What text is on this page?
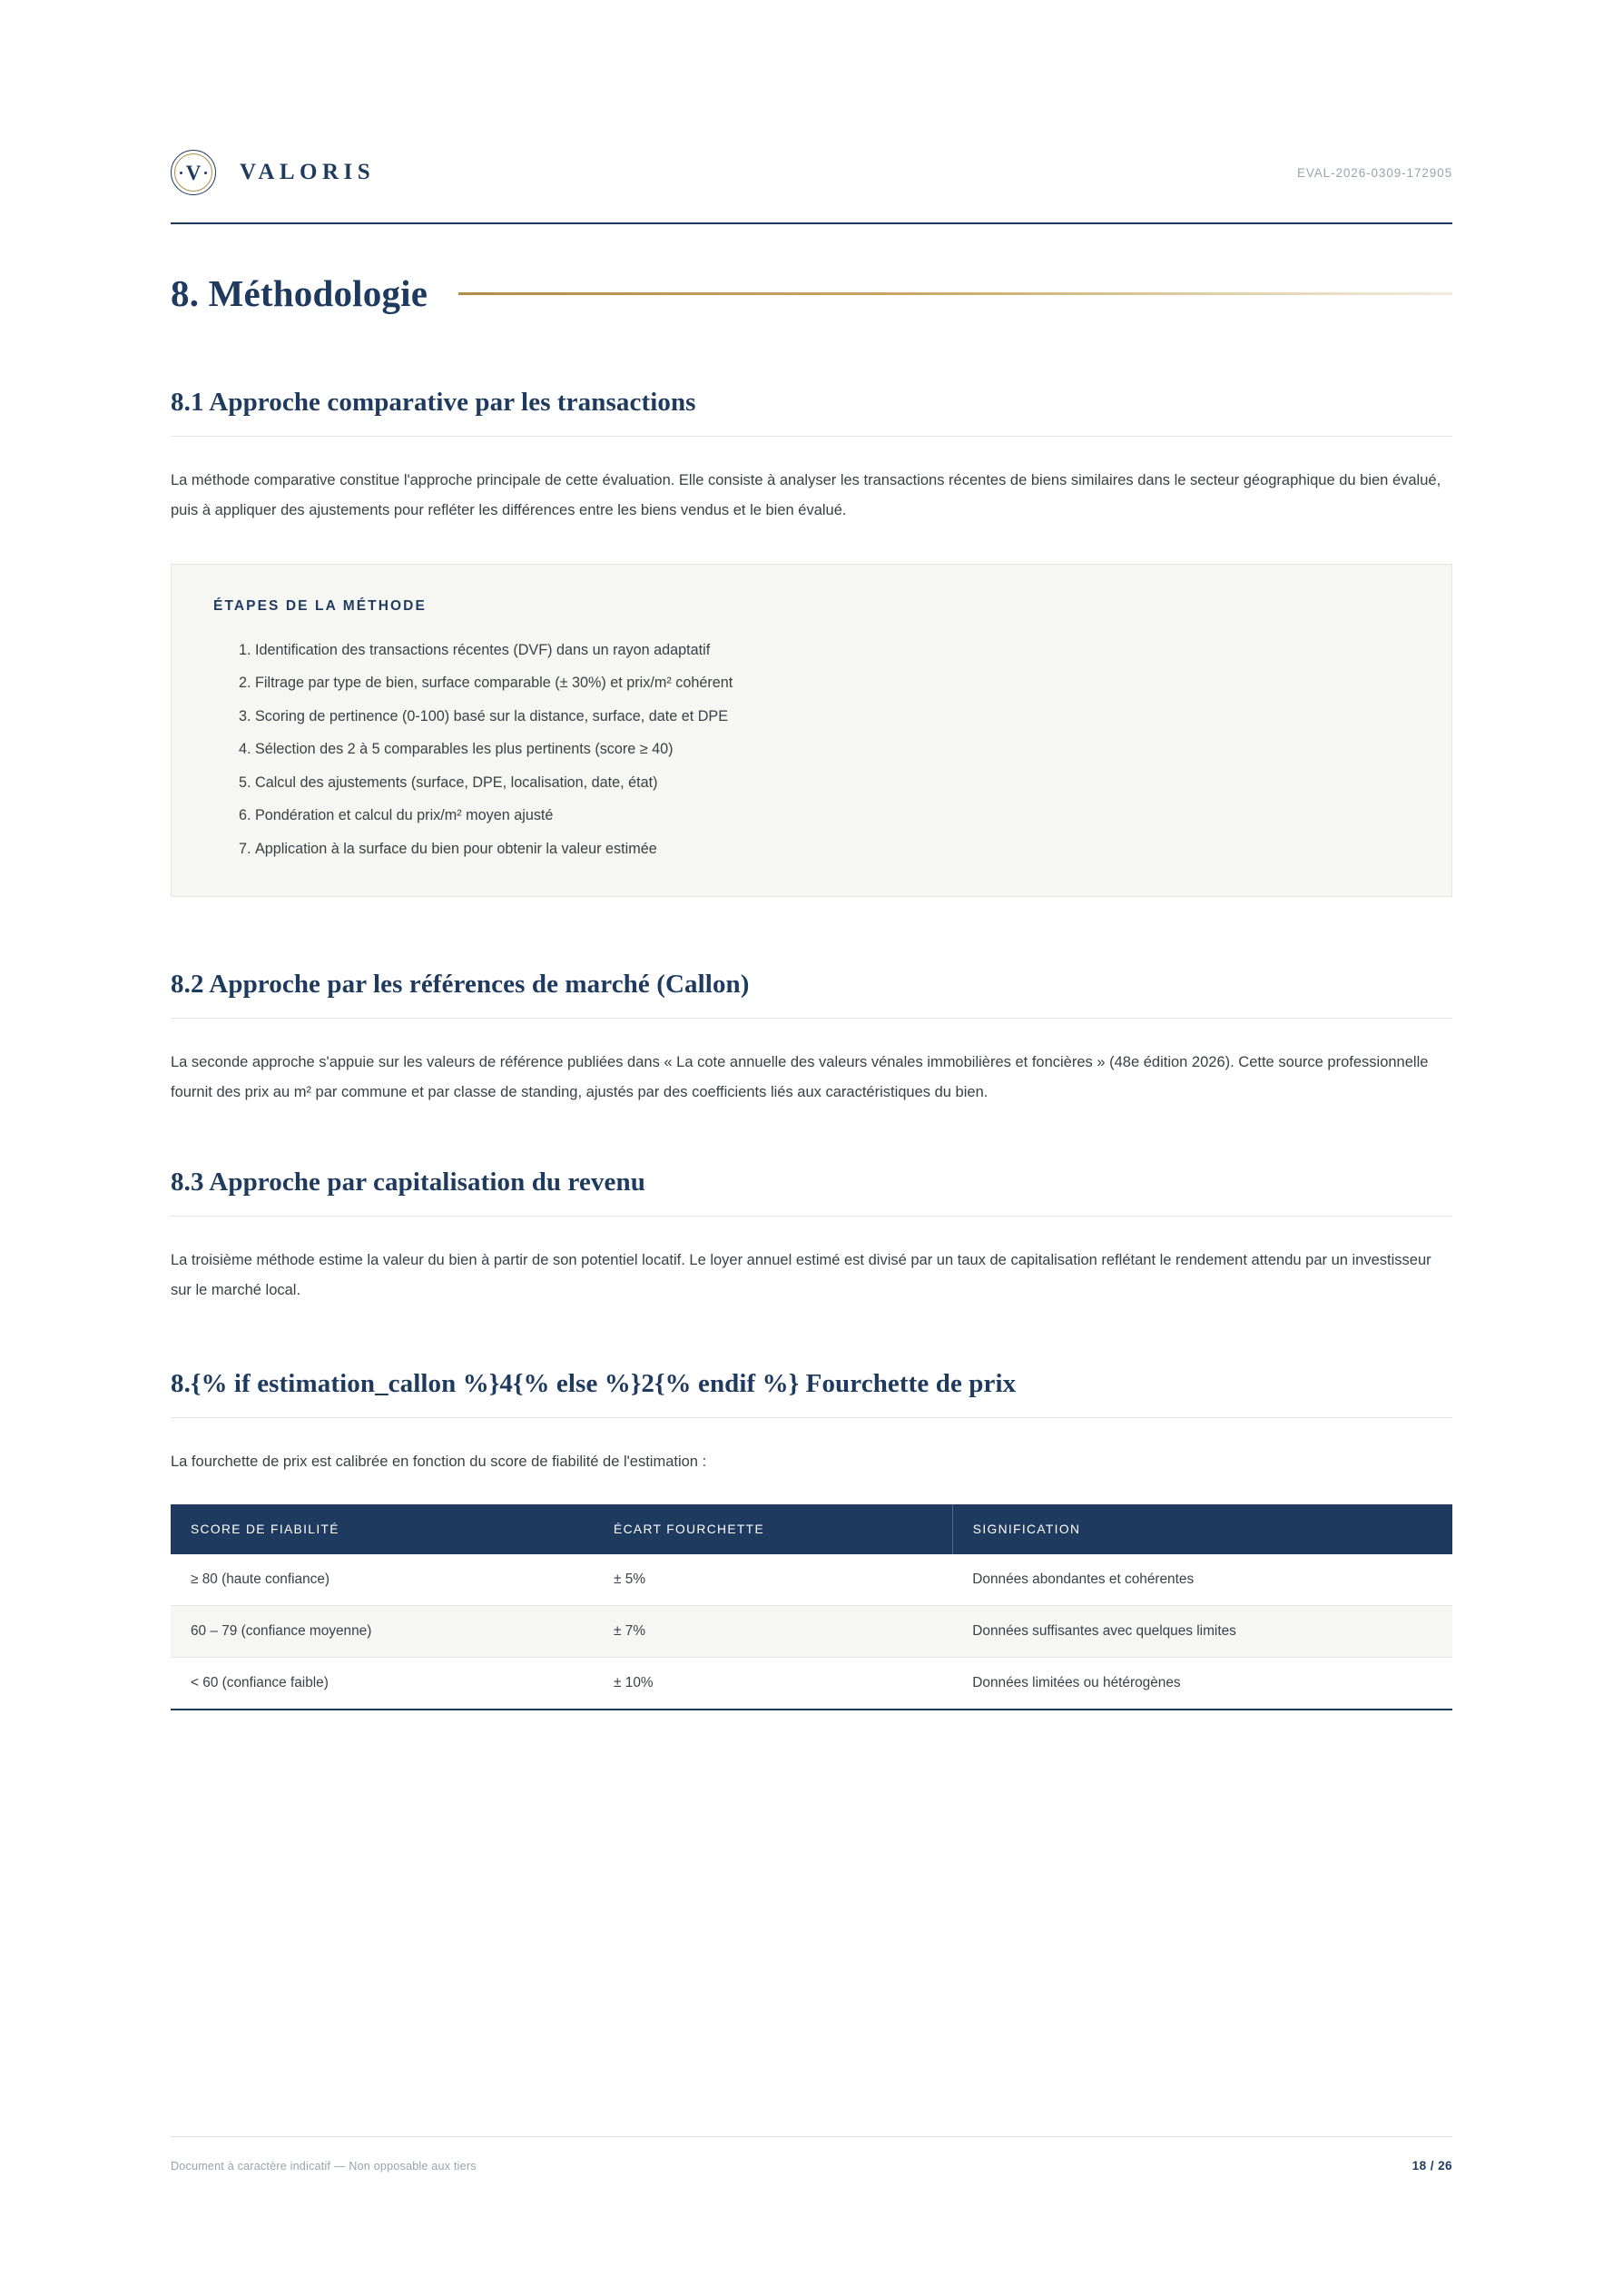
V	VALORIS	EVAL-2026-0309-172905
8. Méthodologie
8.1 Approche comparative par les transactions

La méthode comparative constitue l'approche principale de cette évaluation. Elle consiste à analyser les transactions récentes de biens similaires dans le secteur géographique du bien évalué, puis à appliquer des ajustements pour refléter les différences entre les biens vendus et le bien évalué.

ÉTAPES DE LA MÉTHODE
1. Identification des transactions récentes (DVF) dans un rayon adaptatif
2. Filtrage par type de bien, surface comparable (± 30%) et prix/m² cohérent
3. Scoring de pertinence (0-100) basé sur la distance, surface, date et DPE
4. Sélection des 2 à 5 comparables les plus pertinents (score ≥ 40)
5. Calcul des ajustements (surface, DPE, localisation, date, état)
6. Pondération et calcul du prix/m² moyen ajusté
7. Application à la surface du bien pour obtenir la valeur estimée
8.2 Approche par les références de marché (Callon)

La seconde approche s'appuie sur les valeurs de référence publiées dans « La cote annuelle des valeurs vénales immobilières et foncières » (48e édition 2026). Cette source professionnelle fournit des prix au m² par commune et par classe de standing, ajustés par des coefficients liés aux caractéristiques du bien.

8.3 Approche par capitalisation du revenu

La troisième méthode estime la valeur du bien à partir de son potentiel locatif. Le loyer annuel estimé est divisé par un taux de capitalisation reflétant le rendement attendu par un investisseur sur le marché local.

8.{% if estimation_callon %}4{% else %}2{% endif %} Fourchette de prix

La fourchette de prix est calibrée en fonction du score de fiabilité de l'estimation :

SCORE DE FIABILITÉ	ÉCART FOURCHETTE	SIGNIFICATION
≥ 80 (haute confiance)	± 5%	Données abondantes et cohérentes
60 – 79 (confiance moyenne)	± 7%	Données suffisantes avec quelques limites
< 60 (confiance faible)	± 10%	Données limitées ou hétérogènes
Document à caractère indicatif — Non opposable aux tiers	18 / 26
